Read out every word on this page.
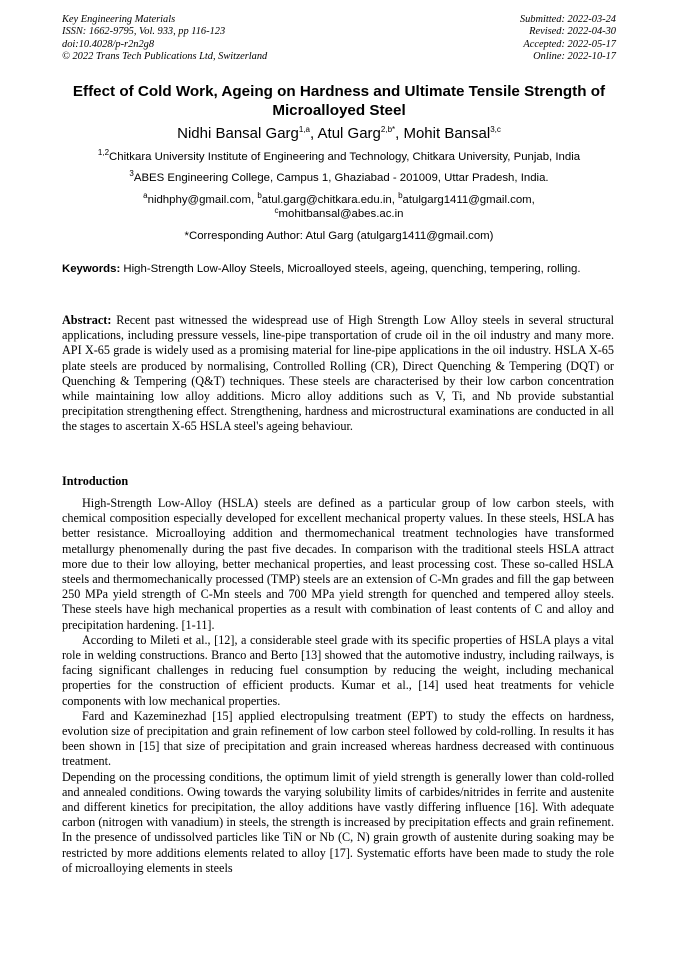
Key Engineering Materials
ISSN: 1662-9795, Vol. 933, pp 116-123
doi:10.4028/p-r2n2g8
© 2022 Trans Tech Publications Ltd, Switzerland
Submitted: 2022-03-24
Revised: 2022-04-30
Accepted: 2022-05-17
Online: 2022-10-17
Effect of Cold Work, Ageing on Hardness and Ultimate Tensile Strength of Microalloyed Steel
Nidhi Bansal Garg$^{1,a}$, Atul Garg$^{2,b*}$, Mohit Bansal$^{3,c}$
$^{1,2}$Chitkara University Institute of Engineering and Technology, Chitkara University, Punjab, India
$^3$ABES Engineering College, Campus 1, Ghaziabad - 201009, Uttar Pradesh, India.
$^a$nidhphy@gmail.com, $^b$atul.garg@chitkara.edu.in, $^b$atulgarg1411@gmail.com,
$^c$mohitbansal@abes.ac.in
*Corresponding Author: Atul Garg (atulgarg1411@gmail.com)
Keywords: High-Strength Low-Alloy Steels, Microalloyed steels, ageing, quenching, tempering, rolling.
Abstract: Recent past witnessed the widespread use of High Strength Low Alloy steels in several structural applications, including pressure vessels, line-pipe transportation of crude oil in the oil industry and many more. API X-65 grade is widely used as a promising material for line-pipe applications in the oil industry. HSLA X-65 plate steels are produced by normalising, Controlled Rolling (CR), Direct Quenching & Tempering (DQT) or Quenching & Tempering (Q&T) techniques. These steels are characterised by their low carbon concentration while maintaining low alloy additions. Micro alloy additions such as V, Ti, and Nb provide substantial precipitation strengthening effect. Strengthening, hardness and microstructural examinations are conducted in all the stages to ascertain X-65 HSLA steel's ageing behaviour.
Introduction

High-Strength Low-Alloy (HSLA) steels are defined as a particular group of low carbon steels, with chemical composition especially developed for excellent mechanical property values. In these steels, HSLA has better resistance. Microalloying addition and thermomechanical treatment technologies have transformed metallurgy phenomenally during the past five decades. In comparison with the traditional steels HSLA attract more due to their low alloying, better mechanical properties, and least processing cost. These so-called HSLA steels and thermomechanically processed (TMP) steels are an extension of C-Mn grades and fill the gap between 250 MPa yield strength of C-Mn steels and 700 MPa yield strength for quenched and tempered alloy steels. These steels have high mechanical properties as a result with combination of least contents of C and alloy and precipitation hardening. [1-11].

According to Mileti et al., [12], a considerable steel grade with its specific properties of HSLA plays a vital role in welding constructions. Branco and Berto [13] showed that the automotive industry, including railways, is facing significant challenges in reducing fuel consumption by reducing the weight, including mechanical properties for the construction of efficient products. Kumar et al., [14] used heat treatments for vehicle components with low mechanical properties.

Fard and Kazeminezhad [15] applied electropulsing treatment (EPT) to study the effects on hardness, evolution size of precipitation and grain refinement of low carbon steel followed by cold-rolling. In results it has been shown in [15] that size of precipitation and grain increased whereas hardness decreased with continuous treatment.

Depending on the processing conditions, the optimum limit of yield strength is generally lower than cold-rolled and annealed conditions. Owing towards the varying solubility limits of carbides/nitrides in ferrite and austenite and different kinetics for precipitation, the alloy additions have vastly differing influence [16]. With adequate carbon (nitrogen with vanadium) in steels, the strength is increased by precipitation effects and grain refinement. In the presence of undissolved particles like TiN or Nb (C, N) grain growth of austenite during soaking may be restricted by more additions elements related to alloy [17]. Systematic efforts have been made to study the role of microalloying elements in steels
